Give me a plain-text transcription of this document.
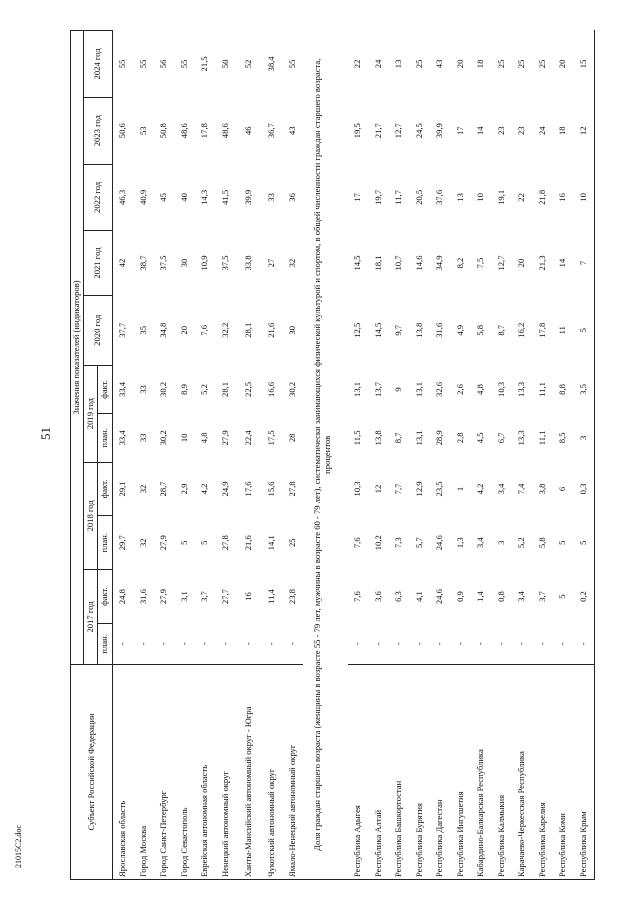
51
21015С2.doc
Субъект Российской Федерации	Значения показателей (индикаторов)										
	2017 год		2018 год		2019 год		2020 год	2021 год	2022 год	2023 год	2024 год
	план.	факт.	план.	факт.	план.	факт.					
Ярославская область	-	24,8	29,7	29,1	33,4	33,4	37,7	42	46,3	50,6	55
Город Москва	-	31,6	32	32	33	33	35	38,7	40,9	53	55
Город Санкт-Петербург	-	27,9	27,9	28,7	30,2	30,2	34,8	37,5	45	50,8	56
Город Севастополь	-	3,1	5	2,9	10	8,9	20	30	40	48,6	55
Еврейская автономная область	-	3,7	5	4,2	4,8	5,2	7,6	10,9	14,3	17,8	21,5
Ненецкий автономный округ	-	27,7	27,8	24,9	27,9	28,1	32,2	37,5	41,5	48,6	50
Ханты-Мансийский автономный округ - Югра	-	16	21,6	17,6	22,4	22,5	28,1	33,8	39,9	46	52
Чукотский автономный округ	-	11,4	14,1	15,6	17,5	16,6	21,6	27	33	36,7	38,4
Ямало-Ненецкий автономный округ	-	23,8	25	27,8	28	30,2	30	32	36	43	55
Доля граждан старшего возраста (женщины в возрасте 55 - 79 лет, мужчины в возрасте 60 - 79 лет), систематически занимающихся физической культурой и спортом, в общей численности граждан старшего возраста, процентов											
Республика Адыгея	-	7,6	7,6	10,3	11,5	13,1	12,5	14,5	17	19,5	22
Республика Алтай	-	3,6	10,2	12	13,8	13,7	14,5	18,1	19,7	21,7	24
Республика Башкортостан	-	6,3	7,3	7,7	8,7	9	9,7	10,7	11,7	12,7	13
Республика Бурятия	-	4,1	5,7	12,9	13,1	13,1	13,8	14,6	20,5	24,5	25
Республика Дагестан	-	24,6	24,6	23,5	28,9	32,6	31,6	34,9	37,6	39,9	43
Республика Ингушетия	-	0,9	1,3	1	2,8	2,6	4,9	8,2	13	17	20
Кабардино-Балкарская Республика	-	1,4	3,4	4,2	4,5	4,8	5,8	7,5	10	14	18
Республика Калмыкия	-	0,8	3	3,4	6,7	10,3	8,7	12,7	19,1	23	25
Карачаево-Черкесская Республика	-	3,4	5,2	7,4	13,3	13,3	16,2	20	22	23	25
Республика Карелия	-	3,7	5,8	3,8	11,1	11,1	17,8	21,3	21,8	24	25
Республика Коми	-	5	5	6	8,5	8,8	11	14	16	18	20
Республика Крым	-	0,2	5	0,3	3	3,5	5	7	10	12	15
